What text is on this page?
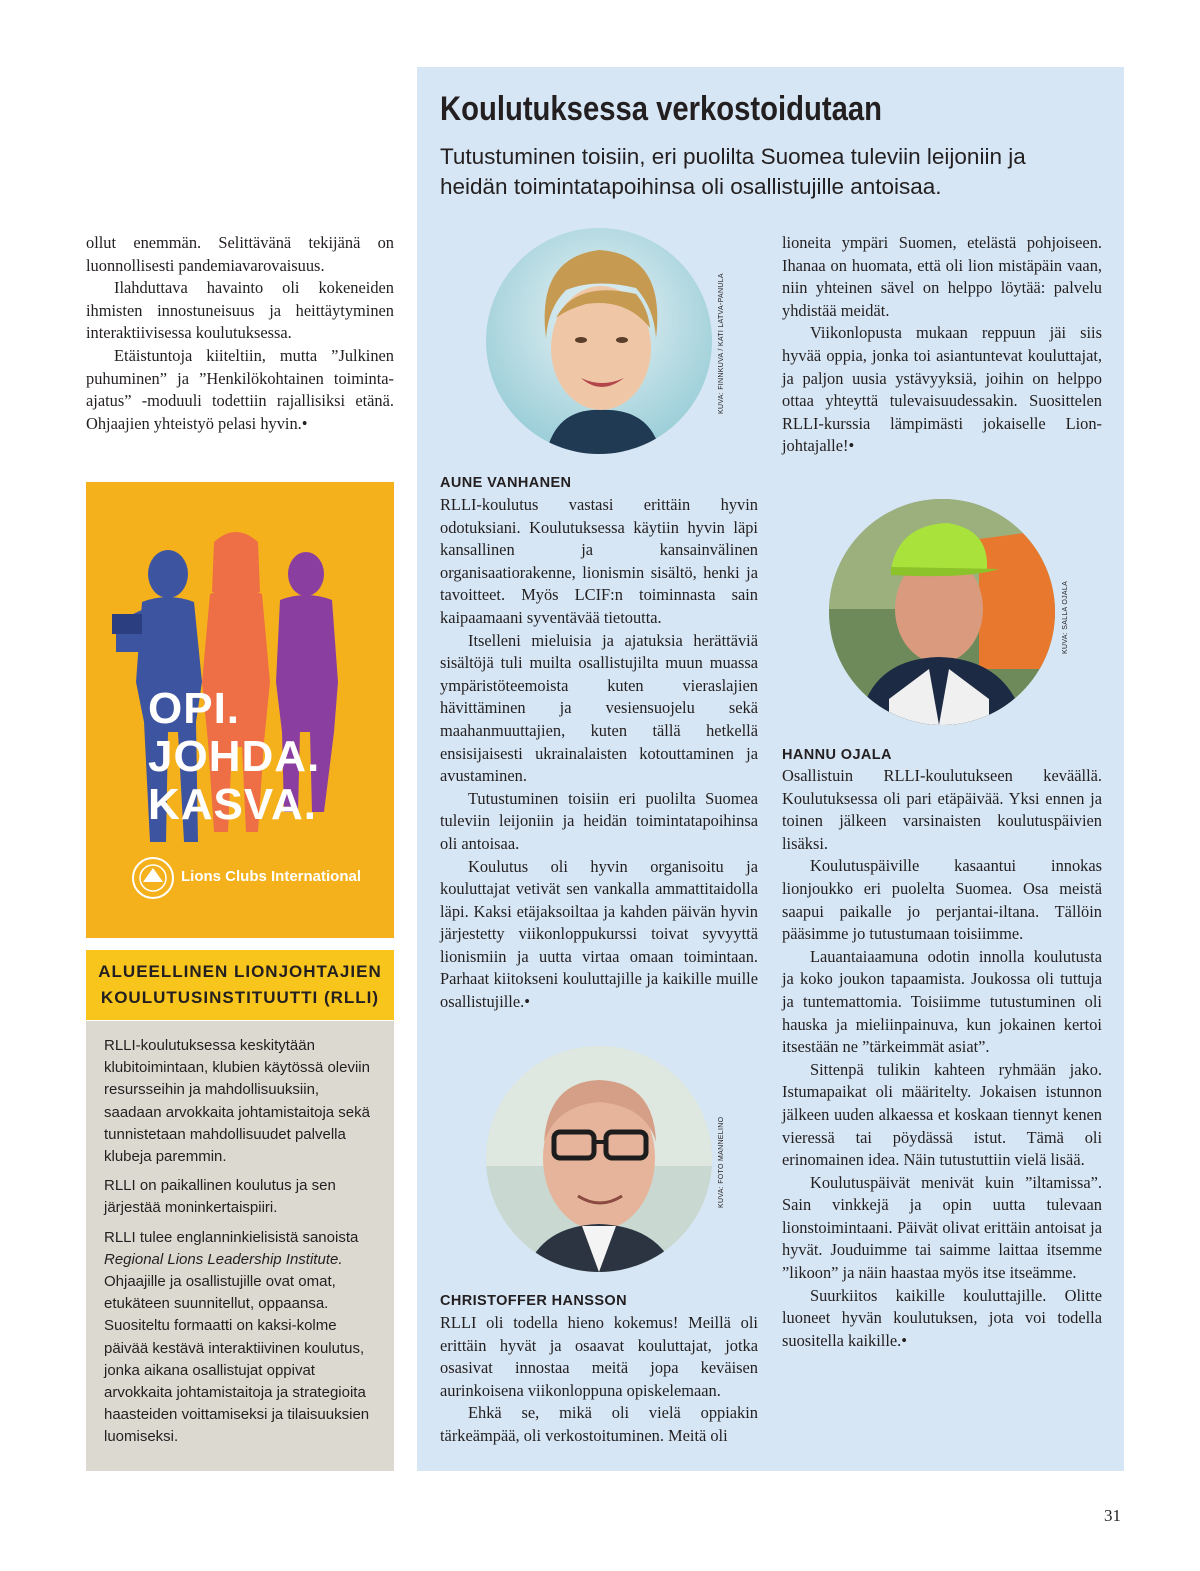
ollut enemmän. Selittävänä tekijänä on luonnollisesti pandemiavarovaisuus.

Ilahduttava havainto oli kokeneiden ihmisten innostuneisuus ja heittäytyminen interaktiivisessa koulutuksessa.

Etäistuntoja kiiteltiin, mutta ”Julkinen puhuminen” ja ”Henkilökohtainen toiminta-ajatus” -moduuli todettiin rajallisiksi etänä. Ohjaajien yhteistyö pelasi hyvin.•

OPI.
JOHDA.
KASVA.
Lions Clubs International
ALUEELLINEN LIONJOHTAJIEN
KOULUTUSINSTITUUTTI (RLLI)

RLLI-koulutuksessa keskitytään klubitoimintaan, klubien käytössä oleviin resursseihin ja mahdollisuuksiin, saadaan arvokkaita johtamistaitoja sekä tunnistetaan mahdollisuudet palvella klubeja paremmin.

RLLI on paikallinen koulutus ja sen järjestää moninkertaispiiri.

RLLI tulee englanninkielisistä sanoista Regional Lions Leadership Institute. Ohjaajille ja osallistujille ovat omat, etukäteen suunnitellut, oppaansa. Suositeltu formaatti on kaksi-kolme päivää kestävä interaktiivinen koulutus, jonka aikana osallistujat oppivat arvokkaita johtamistaitoja ja strategioita haasteiden voittamiseksi ja tilaisuuksien luomiseksi.

Koulutuksessa verkostoidutaan
Tutustuminen toisiin, eri puolilta Suomea tuleviin leijoniin ja heidän toimintatapoihinsa oli osallistujille antoisaa.
KUVA: FINNKUVA / KATI LATVA-PANULA
AUNE VANHANEN

RLLI-koulutus vastasi erittäin hyvin odotuksiani. Koulutuksessa käytiin hyvin läpi kansallinen ja kansainvälinen organisaatiorakenne, lionismin sisältö, henki ja tavoitteet. Myös LCIF:n toiminnasta sain kaipaamaani syventävää tietoutta.

Itselleni mieluisia ja ajatuksia herättäviä sisältöjä tuli muilta osallistujilta muun muassa ympäristöteemoista kuten vieraslajien hävittäminen ja vesiensuojelu sekä maahanmuuttajien, kuten tällä hetkellä ensisijaisesti ukrainalaisten kotouttaminen ja avustaminen.

Tutustuminen toisiin eri puolilta Suomea tuleviin leijoniin ja heidän toimintatapoihinsa oli antoisaa.

Koulutus oli hyvin organisoitu ja kouluttajat vetivät sen vankalla ammattitaidolla läpi. Kaksi etäjaksoiltaa ja kahden päivän hyvin järjestetty viikonloppukurssi toivat syvyyttä lionismiin ja uutta virtaa omaan toimintaan. Parhaat kiitokseni kouluttajille ja kaikille muille osallistujille.•

KUVA: FOTO MANNELINO
CHRISTOFFER HANSSON

RLLI oli todella hieno kokemus! Meillä oli erittäin hyvät ja osaavat kouluttajat, jotka osasivat innostaa meitä jopa keväisen aurinkoisena viikonloppuna opiskelemaan.

Ehkä se, mikä oli vielä oppiakin tärkeämpää, oli verkostoituminen. Meitä oli

lioneita ympäri Suomen, etelästä pohjoiseen. Ihanaa on huomata, että oli lion mistäpäin vaan, niin yhteinen sävel on helppo löytää: palvelu yhdistää meidät.

Viikonlopusta mukaan reppuun jäi siis hyvää oppia, jonka toi asiantuntevat kouluttajat, ja paljon uusia ystävyyksiä, joihin on helppo ottaa yhteyttä tulevaisuudessakin. Suosittelen RLLI-kurssia lämpimästi jokaiselle Lion-johtajalle!•

KUVA: SALLA OJALA
HANNU OJALA

Osallistuin RLLI-koulutukseen keväällä. Koulutuksessa oli pari etäpäivää. Yksi ennen ja toinen jälkeen varsinaisten koulutuspäivien lisäksi.

Koulutuspäiville kasaantui innokas lionjoukko eri puolelta Suomea. Osa meistä saapui paikalle jo perjantai-iltana. Tällöin pääsimme jo tutustumaan toisiimme.

Lauantaiaamuna odotin innolla koulutusta ja koko joukon tapaamista. Joukossa oli tuttuja ja tuntemattomia. Toisiimme tutustuminen oli hauska ja mieliinpainuva, kun jokainen kertoi itsestään ne ”tärkeimmät asiat”.

Sittenpä tulikin kahteen ryhmään jako. Istumapaikat oli määritelty. Jokaisen istunnon jälkeen uuden alkaessa et koskaan tiennyt kenen vieressä tai pöydässä istut. Tämä oli erinomainen idea. Näin tutustuttiin vielä lisää.

Koulutuspäivät menivät kuin ”iltamissa”. Sain vinkkejä ja opin uutta tulevaan lionstoimintaani. Päivät olivat erittäin antoisat ja hyvät. Jouduimme tai saimme laittaa itsemme ”likoon” ja näin haastaa myös itse itseämme.

Suurkiitos kaikille kouluttajille. Olitte luoneet hyvän koulutuksen, jota voi todella suositella kaikille.•

31
